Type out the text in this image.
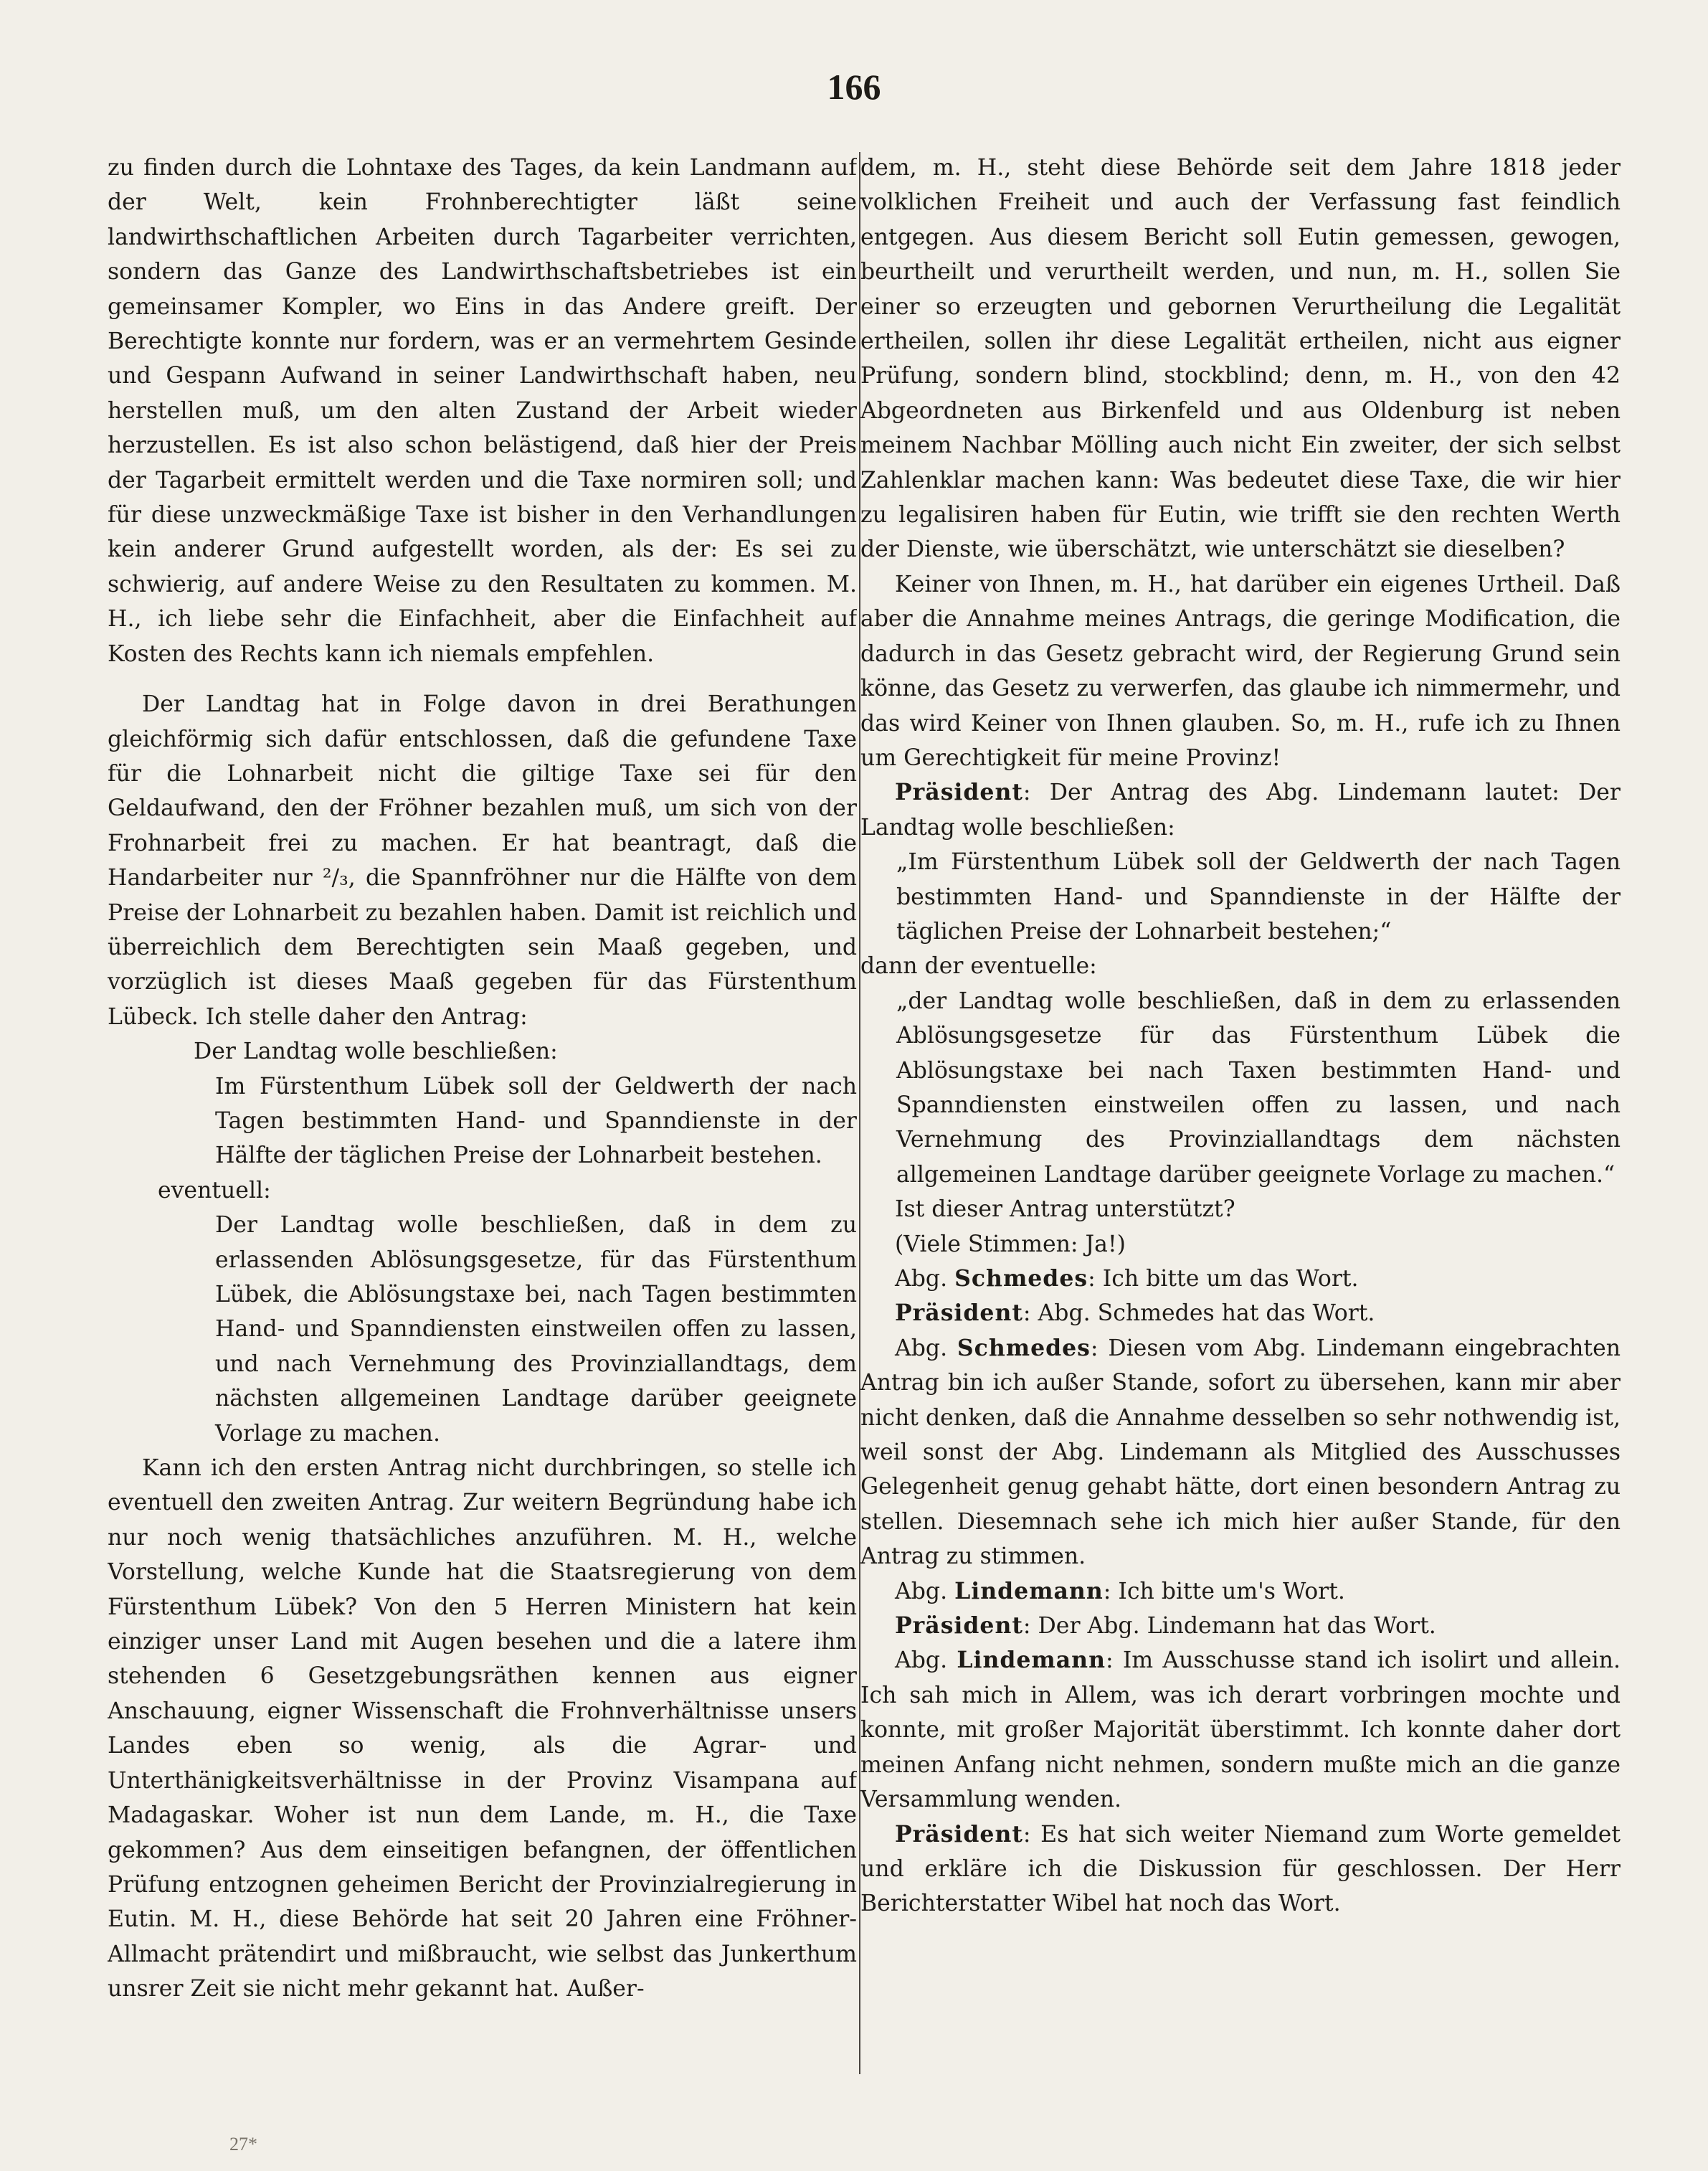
166

zu finden durch die Lohntaxe des Tages, da kein Landmann auf der Welt, kein Frohnberechtigter läßt seine landwirthschaftlichen Arbeiten durch Tagarbeiter verrichten, sondern das Ganze des Landwirthschaftsbetriebes ist ein gemeinsamer Kompler, wo Eins in das Andere greift. Der Berechtigte konnte nur fordern, was er an vermehrtem Gesinde und Gespann Aufwand in seiner Landwirthschaft haben, neu herstellen muß, um den alten Zustand der Arbeit wieder herzustellen. Es ist also schon belästigend, daß hier der Preis der Tagarbeit ermittelt werden und die Taxe normiren soll; und für diese unzweckmäßige Taxe ist bisher in den Verhandlungen kein anderer Grund aufgestellt worden, als der: Es sei zu schwierig, auf andere Weise zu den Resultaten zu kommen. M. H., ich liebe sehr die Einfachheit, aber die Einfachheit auf Kosten des Rechts kann ich niemals empfehlen.

Der Landtag hat in Folge davon in drei Berathungen gleichförmig sich dafür entschlossen, daß die gefundene Taxe für die Lohnarbeit nicht die giltige Taxe sei für den Geldaufwand, den der Fröhner bezahlen muß, um sich von der Frohnarbeit frei zu machen. Er hat beantragt, daß die Handarbeiter nur ²/₃, die Spannfröhner nur die Hälfte von dem Preise der Lohnarbeit zu bezahlen haben. Damit ist reichlich und überreichlich dem Berechtigten sein Maaß gegeben, und vorzüglich ist dieses Maaß gegeben für das Fürstenthum Lübeck. Ich stelle daher den Antrag:

Der Landtag wolle beschließen:

Im Fürstenthum Lübek soll der Geldwerth der nach Tagen bestimmten Hand- und Spanndienste in der Hälfte der täglichen Preise der Lohnarbeit bestehen.

eventuell:

Der Landtag wolle beschließen, daß in dem zu erlassenden Ablösungsgesetze, für das Fürstenthum Lübek, die Ablösungstaxe bei, nach Tagen bestimmten Hand- und Spanndiensten einstweilen offen zu lassen, und nach Vernehmung des Provinziallandtags, dem nächsten allgemeinen Landtage darüber geeignete Vorlage zu machen.

Kann ich den ersten Antrag nicht durchbringen, so stelle ich eventuell den zweiten Antrag. Zur weitern Begründung habe ich nur noch wenig thatsächliches anzuführen. M. H., welche Vorstellung, welche Kunde hat die Staatsregierung von dem Fürstenthum Lübek? Von den 5 Herren Ministern hat kein einziger unser Land mit Augen besehen und die a latere ihm stehenden 6 Gesetzgebungsräthen kennen aus eigner Anschauung, eigner Wissenschaft die Frohnverhältnisse unsers Landes eben so wenig, als die Agrar- und Unterthänigkeitsverhältnisse in der Provinz Visampana auf Madagaskar. Woher ist nun dem Lande, m. H., die Taxe gekommen? Aus dem einseitigen befangnen, der öffentlichen Prüfung entzognen geheimen Bericht der Provinzialregierung in Eutin. M. H., diese Behörde hat seit 20 Jahren eine Fröhner-Allmacht prätendirt und mißbraucht, wie selbst das Junkerthum unsrer Zeit sie nicht mehr gekannt hat. Außer-

dem, m. H., steht diese Behörde seit dem Jahre 1818 jeder volklichen Freiheit und auch der Verfassung fast feindlich entgegen. Aus diesem Bericht soll Eutin gemessen, gewogen, beurtheilt und verurtheilt werden, und nun, m. H., sollen Sie einer so erzeugten und gebornen Verurtheilung die Legalität ertheilen, sollen ihr diese Legalität ertheilen, nicht aus eigner Prüfung, sondern blind, stockblind; denn, m. H., von den 42 Abgeordneten aus Birkenfeld und aus Oldenburg ist neben meinem Nachbar Mölling auch nicht Ein zweiter, der sich selbst Zahlenklar machen kann: Was bedeutet diese Taxe, die wir hier zu legalisiren haben für Eutin, wie trifft sie den rechten Werth der Dienste, wie überschätzt, wie unterschätzt sie dieselben?

Keiner von Ihnen, m. H., hat darüber ein eigenes Urtheil. Daß aber die Annahme meines Antrags, die geringe Modification, die dadurch in das Gesetz gebracht wird, der Regierung Grund sein könne, das Gesetz zu verwerfen, das glaube ich nimmermehr, und das wird Keiner von Ihnen glauben. So, m. H., rufe ich zu Ihnen um Gerechtigkeit für meine Provinz!

Präsident: Der Antrag des Abg. Lindemann lautet: Der Landtag wolle beschließen:

„Im Fürstenthum Lübek soll der Geldwerth der nach Tagen bestimmten Hand- und Spanndienste in der Hälfte der täglichen Preise der Lohnarbeit bestehen;“

dann der eventuelle:

„der Landtag wolle beschließen, daß in dem zu erlassenden Ablösungsgesetze für das Fürstenthum Lübek die Ablösungstaxe bei nach Taxen bestimmten Hand- und Spanndiensten einstweilen offen zu lassen, und nach Vernehmung des Provinziallandtags dem nächsten allgemeinen Landtage darüber geeignete Vorlage zu machen.“

Ist dieser Antrag unterstützt?

(Viele Stimmen: Ja!)

Abg. Schmedes: Ich bitte um das Wort.

Präsident: Abg. Schmedes hat das Wort.

Abg. Schmedes: Diesen vom Abg. Lindemann eingebrachten Antrag bin ich außer Stande, sofort zu übersehen, kann mir aber nicht denken, daß die Annahme desselben so sehr nothwendig ist, weil sonst der Abg. Lindemann als Mitglied des Ausschusses Gelegenheit genug gehabt hätte, dort einen besondern Antrag zu stellen. Diesemnach sehe ich mich hier außer Stande, für den Antrag zu stimmen.

Abg. Lindemann: Ich bitte um's Wort.

Präsident: Der Abg. Lindemann hat das Wort.

Abg. Lindemann: Im Ausschusse stand ich isolirt und allein. Ich sah mich in Allem, was ich derart vorbringen mochte und konnte, mit großer Majorität überstimmt. Ich konnte daher dort meinen Anfang nicht nehmen, sondern mußte mich an die ganze Versammlung wenden.

Präsident: Es hat sich weiter Niemand zum Worte gemeldet und erkläre ich die Diskussion für geschlossen. Der Herr Berichterstatter Wibel hat noch das Wort.

27*
